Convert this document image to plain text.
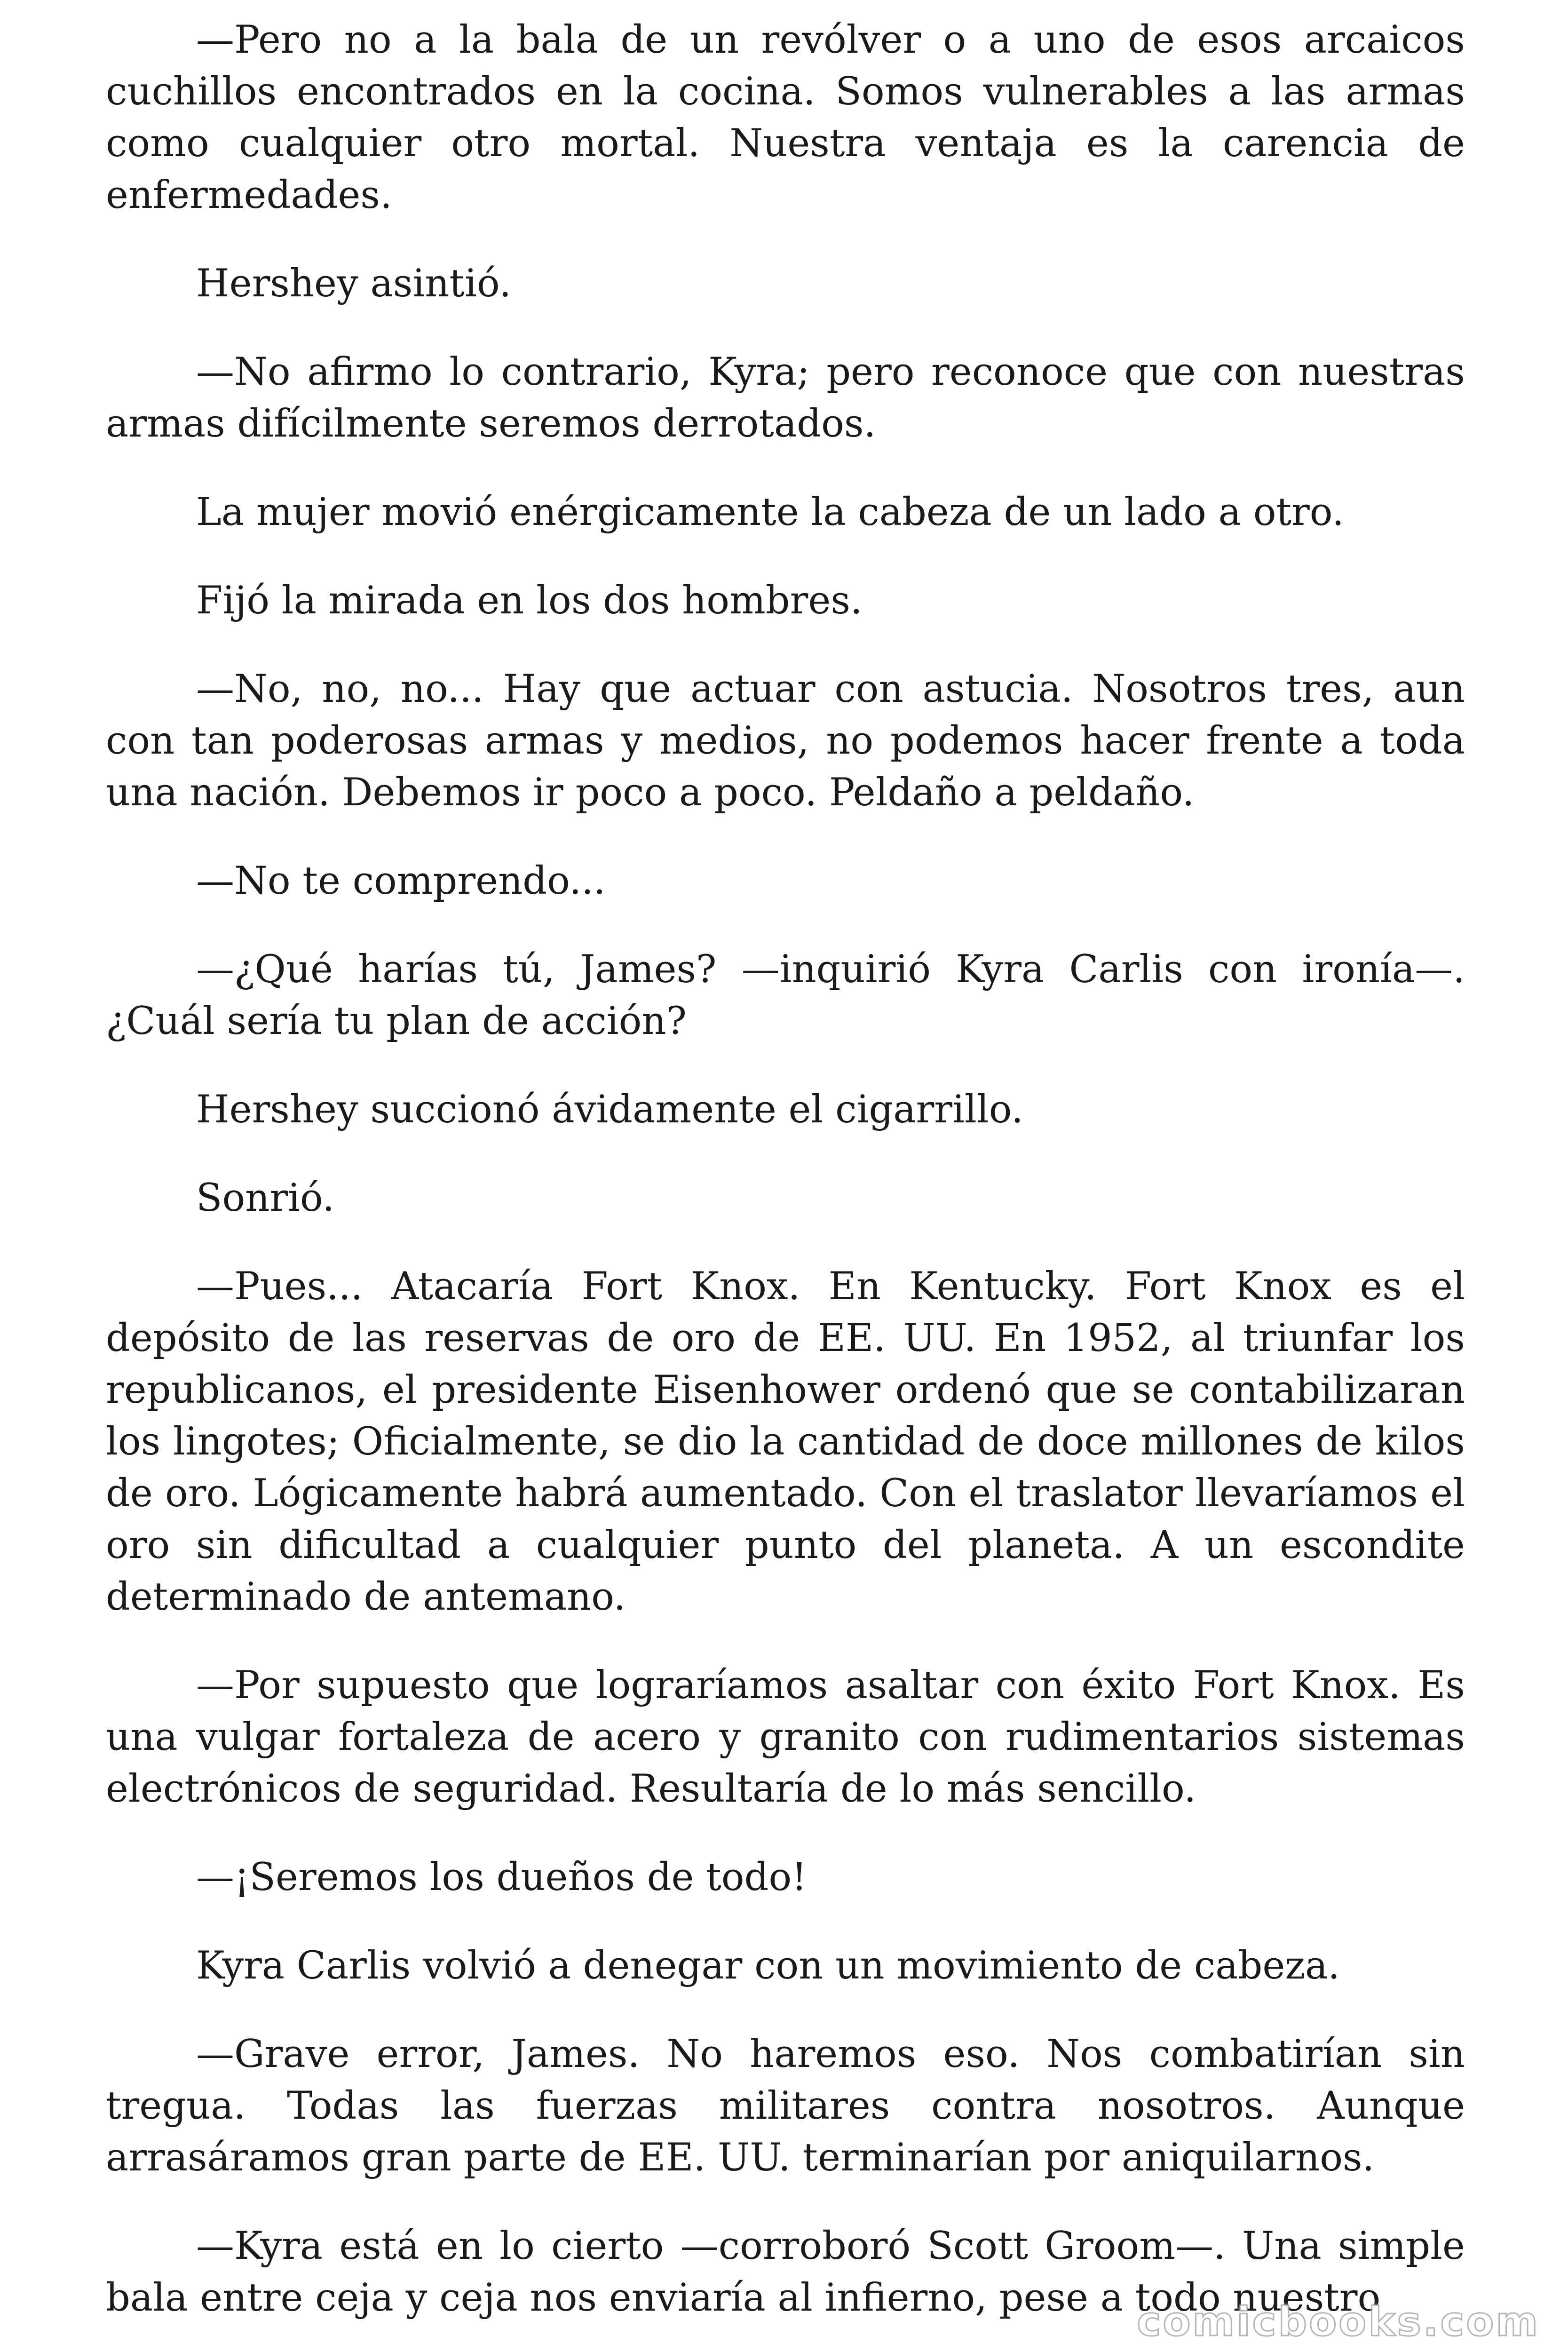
—Pero no a la bala de un revólver o a uno de esos arcaicos cuchillos encontrados en la cocina. Somos vulnerables a las armas como cualquier otro mortal. Nuestra ventaja es la carencia de enfermedades.

Hershey asintió.

—No afirmo lo contrario, Kyra; pero reconoce que con nuestras armas difícilmente seremos derrotados.

La mujer movió enérgicamente la cabeza de un lado a otro.

Fijó la mirada en los dos hombres.

—No, no, no... Hay que actuar con astucia. Nosotros tres, aun con tan poderosas armas y medios, no podemos hacer frente a toda una nación. Debemos ir poco a poco. Peldaño a peldaño.

—No te comprendo...

—¿Qué harías tú, James? —inquirió Kyra Carlis con ironía—. ¿Cuál sería tu plan de acción?

Hershey succionó ávidamente el cigarrillo.

Sonrió.

—Pues... Atacaría Fort Knox. En Kentucky. Fort Knox es el depósito de las reservas de oro de EE. UU. En 1952, al triunfar los republicanos, el presidente Eisenhower ordenó que se contabilizaran los lingotes; Oficialmente, se dio la cantidad de doce millones de kilos de oro. Lógicamente habrá aumentado. Con el traslator llevaríamos el oro sin dificultad a cualquier punto del planeta. A un escondite determinado de antemano.

—Por supuesto que lograríamos asaltar con éxito Fort Knox. Es una vulgar fortaleza de acero y granito con rudimentarios sistemas electrónicos de seguridad. Resultaría de lo más sencillo.

—¡Seremos los dueños de todo!

Kyra Carlis volvió a denegar con un movimiento de cabeza.

—Grave error, James. No haremos eso. Nos combatirían sin tregua. Todas las fuerzas militares contra nosotros. Aunque arrasáramos gran parte de EE. UU. terminarían por aniquilarnos.

—Kyra está en lo cierto —corroboró Scott Groom—. Una simple bala entre ceja y ceja nos enviaría al infierno, pese a todo nuestro

comicbooks.com
